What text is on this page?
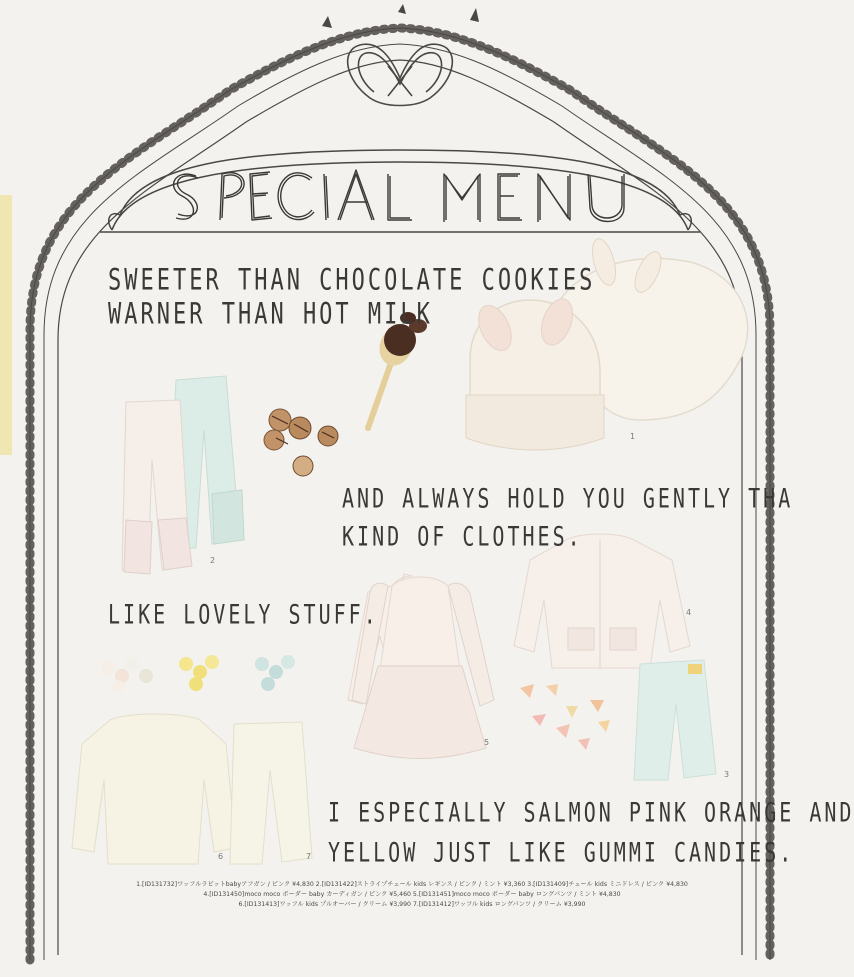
SWEETER THAN CHOCOLATE COOKIES
WARNER THAN HOT MILK
AND ALWAYS HOLD YOU GENTLY THA
KIND OF CLOTHES.
LIKE LOVELY STUFF.
I ESPECIALLY SALMON PINK ORANGE AND
YELLOW JUST LIKE GUMMI CANDIES.
1
2
3
4
5
6	7
1.[ID131732]ワッフルラビットbabyアフガン / ピンク ¥4,830 2.[ID131422]ストライプチュール kids レギンス / ピンク / ミント ¥3,360 3.[ID131409]チュール kids ミニドレス / ピンク ¥4,830
4.[ID131450]moco moco ボーダー baby カーディガン / ピンク ¥5,460 5.[ID131451]moco moco ボーダー baby ロングパンツ / ミント ¥4,830
6.[ID131413]ワッフル kids プルオーバー / クリーム ¥3,990 7.[ID131412]ワッフル kids ロングパンツ / クリーム ¥3,990
